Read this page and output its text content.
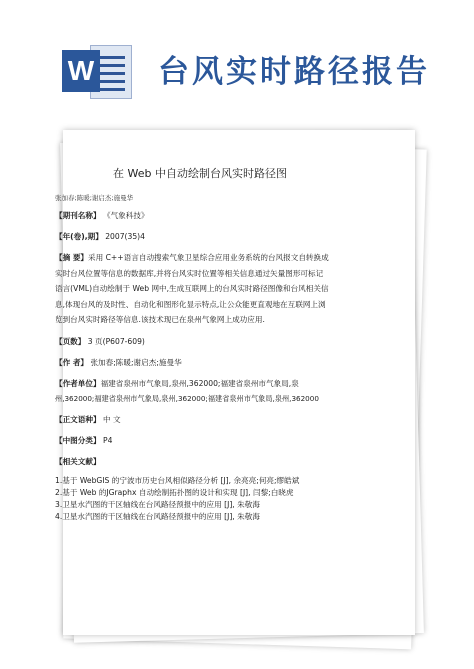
W 台风实时路径报告
在 Web 中自动绘制台风实时路径图
张加春;陈暖;谢启杰;施曼华
【期刊名称】 《气象科技》
【年(卷),期】 2007(35)4
【摘 要】采用 C++语言自动搜索气象卫星综合应用业务系统的台风报文自转换成
实时台风位置等信息的数据库,并将台风实时位置等相关信息通过矢量图形可标记
语言(VML)自动绘制于 Web 网中,生成互联网上的台风实时路径图像和台风相关信
息,体现台风的及时性、自动化和图形化显示特点,让公众能更直观地在互联网上浏
览到台风实时路径等信息.该技术现已在泉州气象网上成功应用.
【页数】 3 页(P607-609)
【作 者】 张加春;陈暖;谢启杰;施曼华
【作者单位】福建省泉州市气象局,泉州,362000;福建省泉州市气象局,泉
州,362000;福建省泉州市气象局,泉州,362000;福建省泉州市气象局,泉州,362000
【正文语种】 中 文
【中图分类】 P4
【相关文献】
1.基于 WebGIS 的宁波市历史台风相似路径分析 [J], 余亮亮;何亮;缪皓斌
2.基于 Web 的JGraphx 自动绘制拓扑图的设计和实现 [J], 闫黎;白晓虎
3.卫星水汽图的干区轴线在台风路径预报中的应用 [J], 朱敬海
4.卫星水汽图的干区轴线在台风路径预报中的应用 [J], 朱敬海
